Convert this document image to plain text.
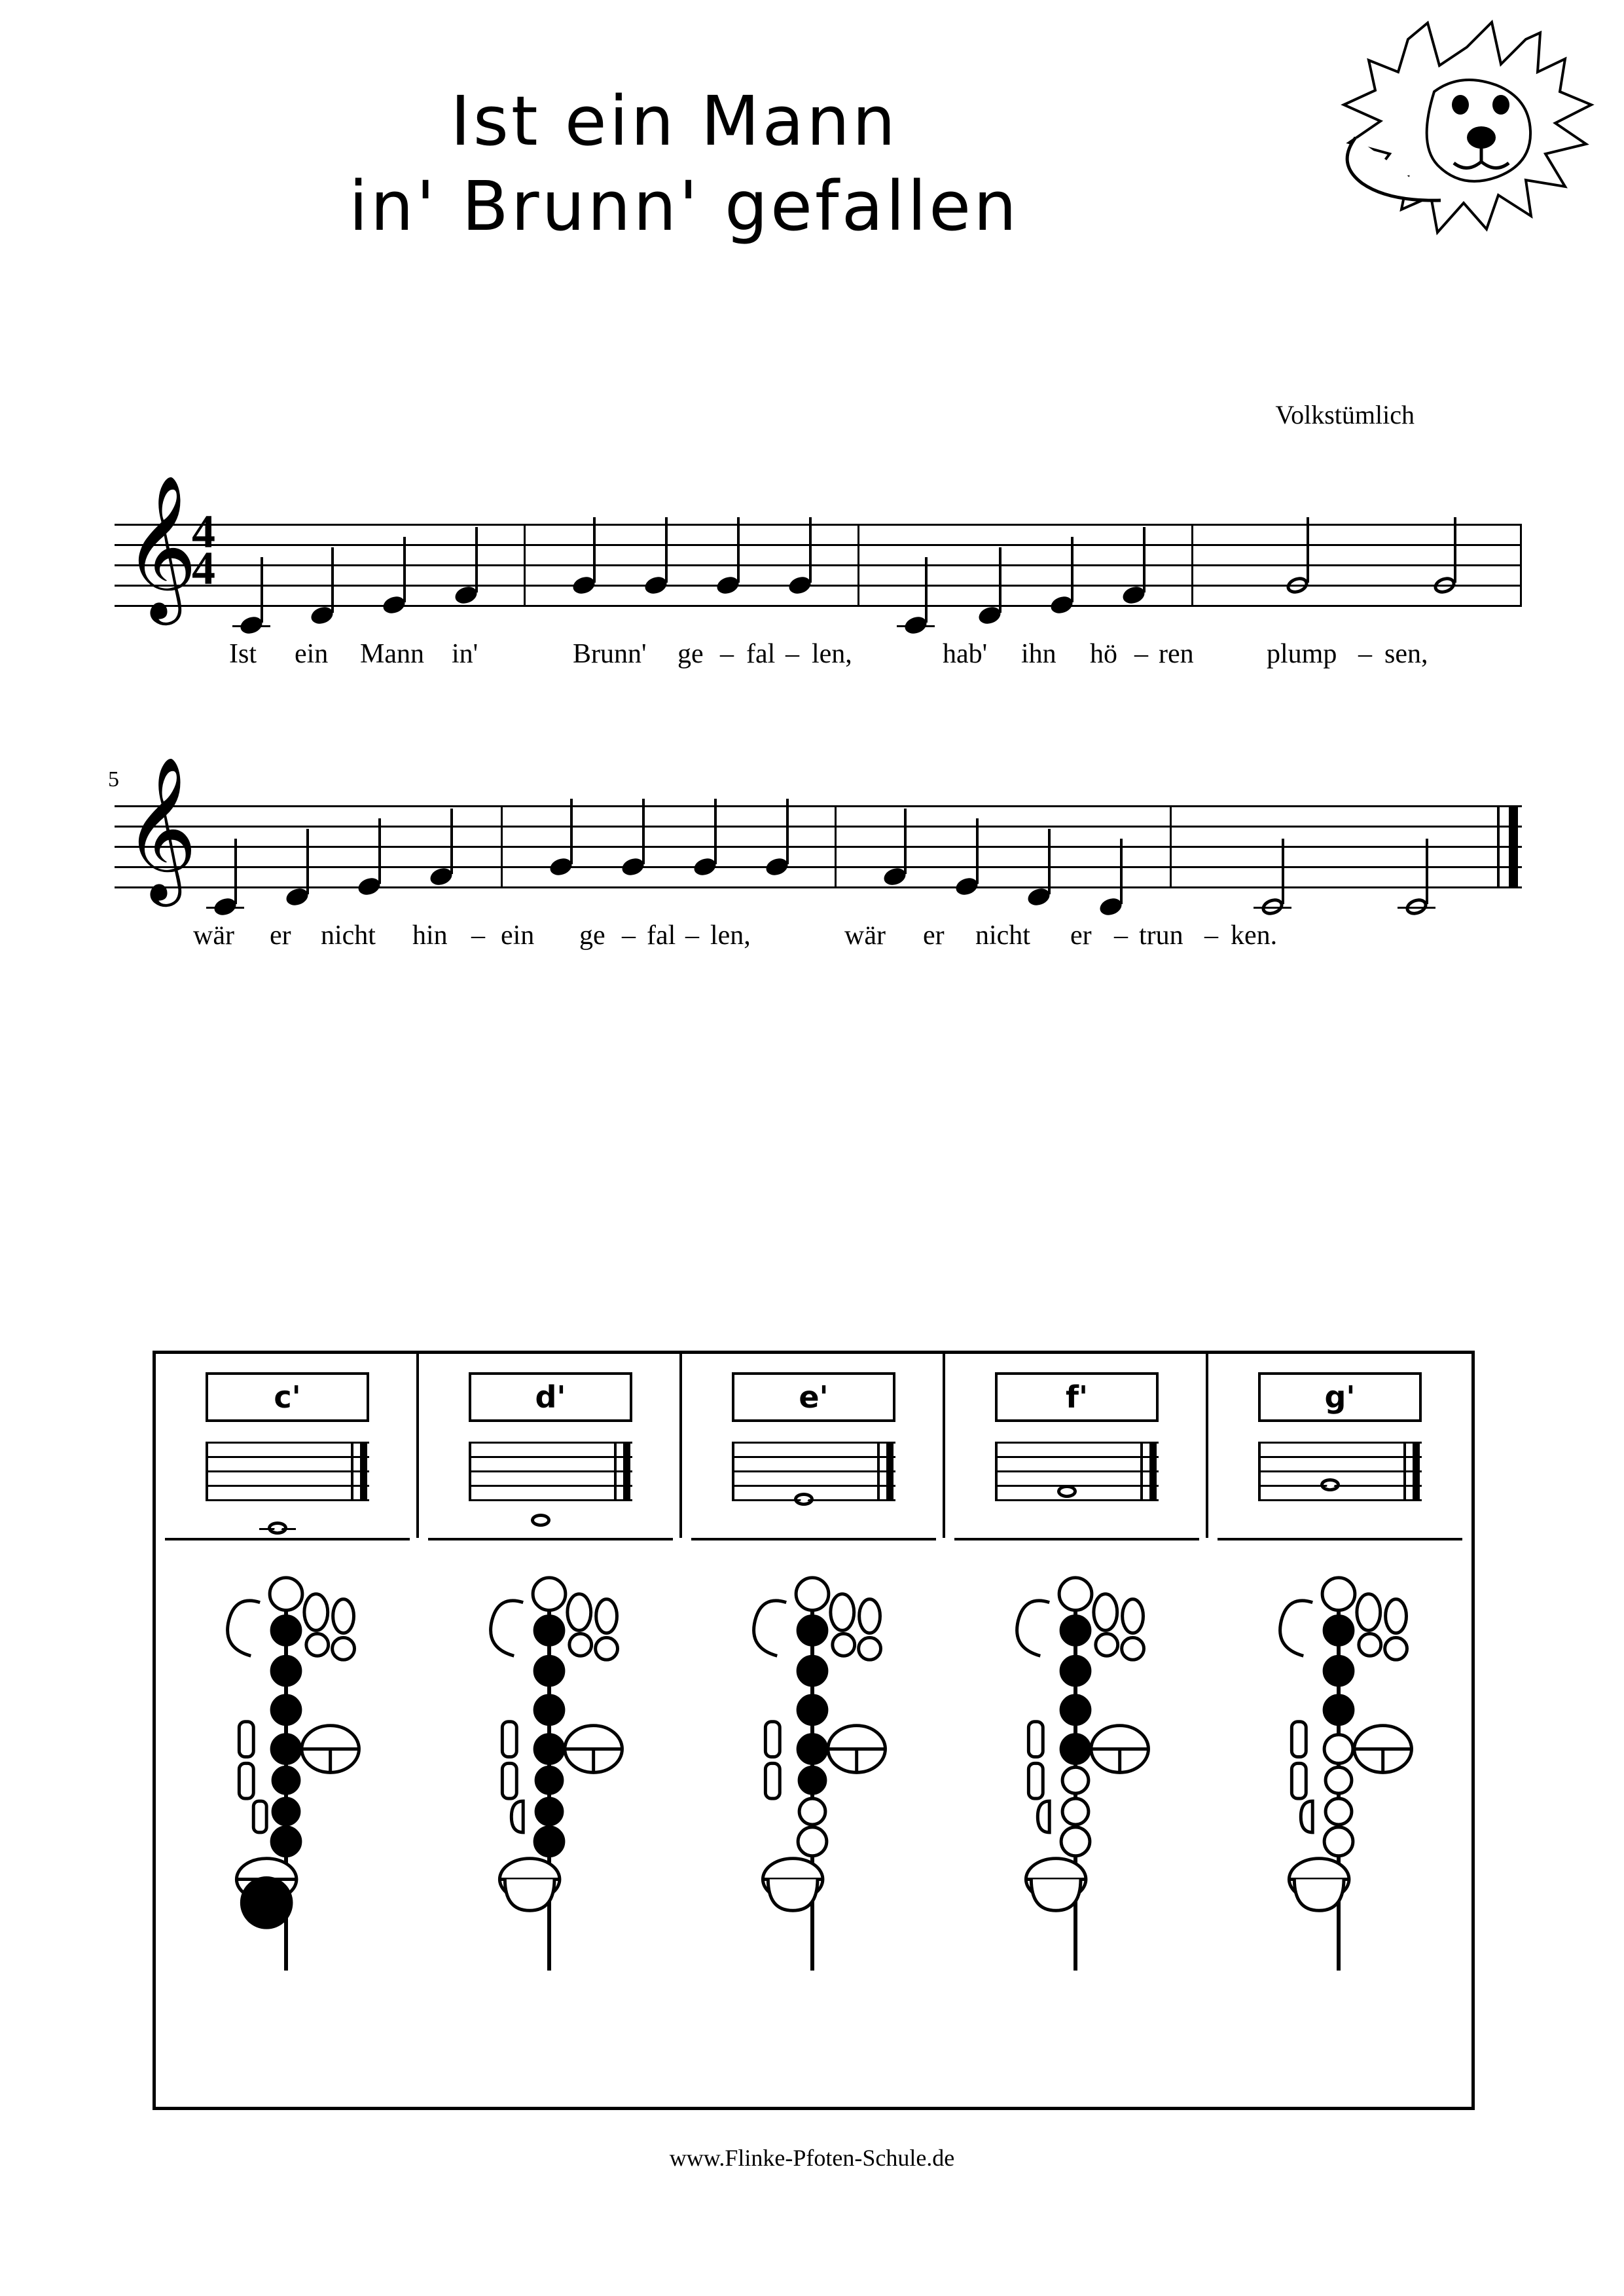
Ist ein Mann
in' Brunn' gefallen
Volkstümlich
𝄞
4
4
Ist ein Mann in'	Brunn' ge – fal – len,	hab' ihn hö – ren	plump – sen,
5 𝄞
wär er nicht hin – ein ge – fal – len,	wär er nicht er – trun – ken.
c'	d'	e'	f'	g'
www.Flinke-Pfoten-Schule.de
